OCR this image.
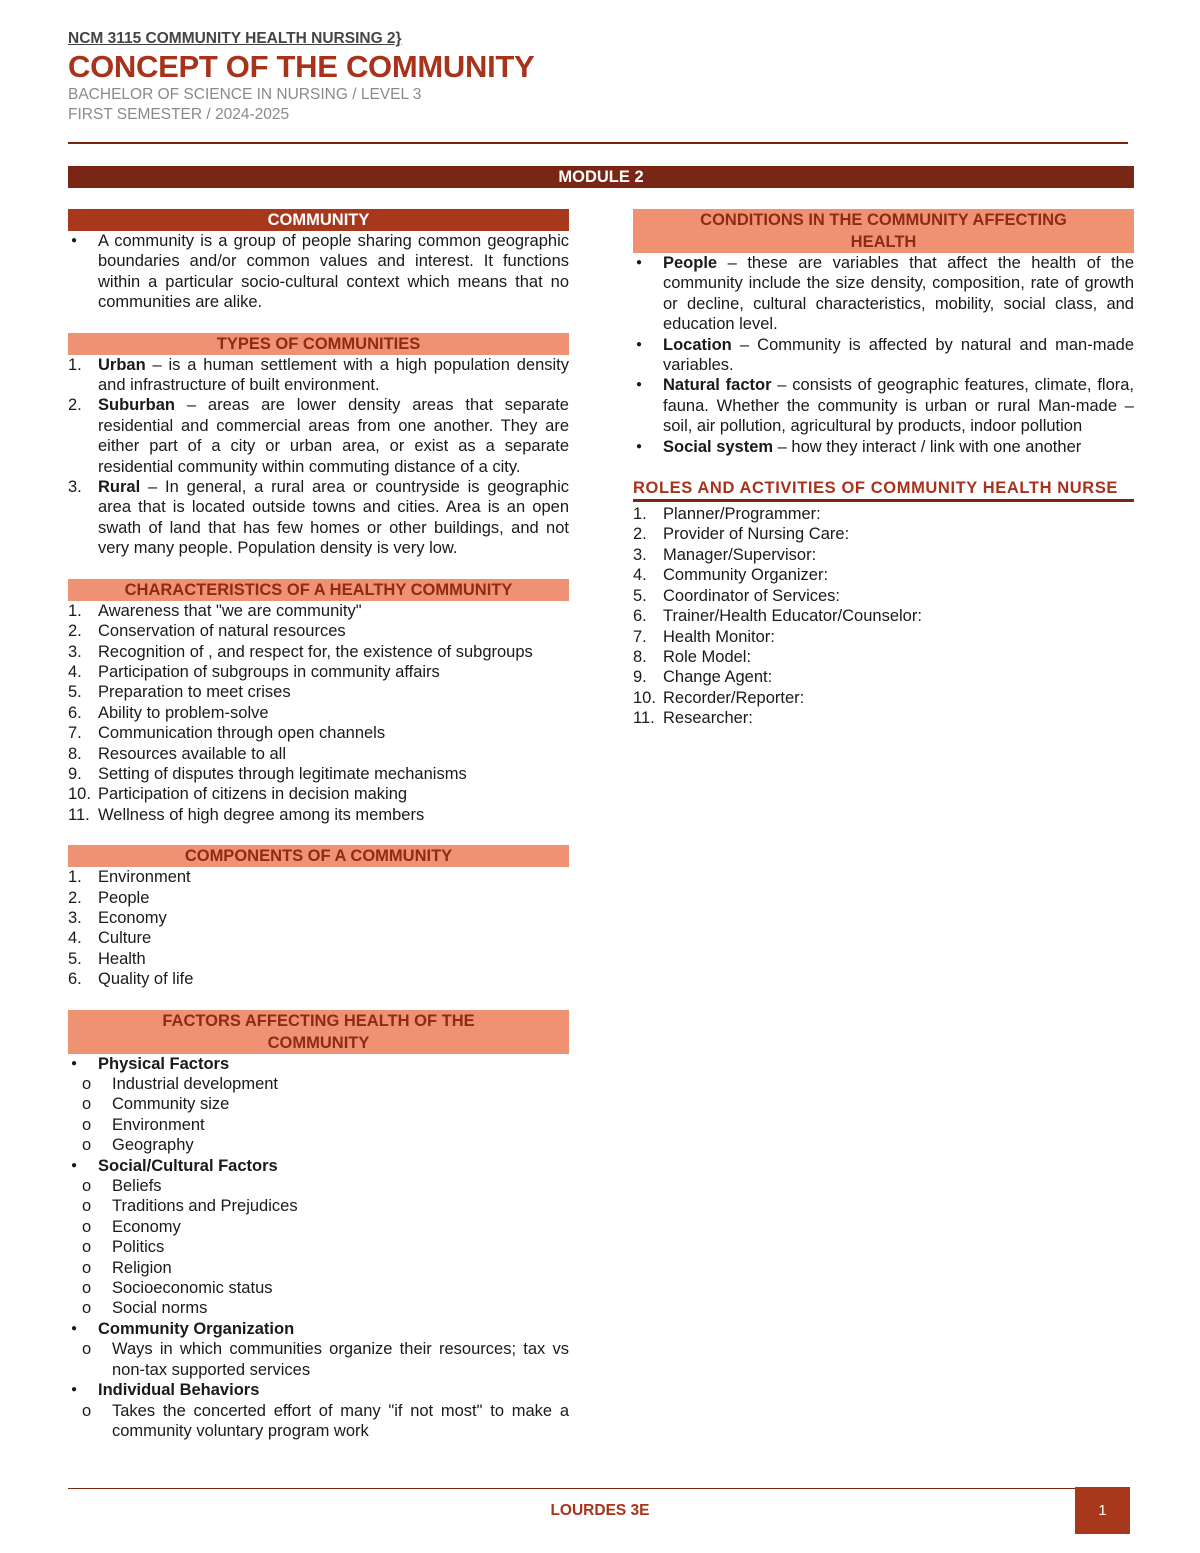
NCM 3115 COMMUNITY HEALTH NURSING 2}
CONCEPT OF THE COMMUNITY
BACHELOR OF SCIENCE IN NURSING / LEVEL 3
FIRST SEMESTER / 2024-2025
MODULE 2
COMMUNITY
● A community is a group of people sharing common geographic boundaries and/or common values and interest. It functions within a particular socio-cultural context which means that no communities are alike.
TYPES OF COMMUNITIES
1. Urban – is a human settlement with a high population density and infrastructure of built environment.
2. Suburban – areas are lower density areas that separate residential and commercial areas from one another. They are either part of a city or urban area, or exist as a separate residential community within commuting distance of a city.
3. Rural – In general, a rural area or countryside is geographic area that is located outside towns and cities. Area is an open swath of land that has few homes or other buildings, and not very many people. Population density is very low.
CHARACTERISTICS OF A HEALTHY COMMUNITY
1. Awareness that "we are community"
2. Conservation of natural resources
3. Recognition of , and respect for, the existence of subgroups
4. Participation of subgroups in community affairs
5. Preparation to meet crises
6. Ability to problem-solve
7. Communication through open channels
8. Resources available to all
9. Setting of disputes through legitimate mechanisms
10. Participation of citizens in decision making
11. Wellness of high degree among its members
COMPONENTS OF A COMMUNITY
1. Environment
2. People
3. Economy
4. Culture
5. Health
6. Quality of life
FACTORS AFFECTING HEALTH OF THE
COMMUNITY
● Physical Factors
o Industrial development
o Community size
o Environment
o Geography
● Social/Cultural Factors
o Beliefs
o Traditions and Prejudices
o Economy
o Politics
o Religion
o Socioeconomic status
o Social norms
● Community Organization
o Ways in which communities organize their resources; tax vs non-tax supported services
● Individual Behaviors
o Takes the concerted effort of many "if not most" to make a community voluntary program work
CONDITIONS IN THE COMMUNITY AFFECTING
HEALTH
● People – these are variables that affect the health of the community include the size density, composition, rate of growth or decline, cultural characteristics, mobility, social class, and education level.
● Location – Community is affected by natural and man-made variables.
● Natural factor – consists of geographic features, climate, flora, fauna. Whether the community is urban or rural Man-made – soil, air pollution, agricultural by products, indoor pollution
● Social system – how they interact / link with one another
ROLES AND ACTIVITIES OF COMMUNITY HEALTH NURSE
1. Planner/Programmer:
2. Provider of Nursing Care:
3. Manager/Supervisor:
4. Community Organizer:
5. Coordinator of Services:
6. Trainer/Health Educator/Counselor:
7. Health Monitor:
8. Role Model:
9. Change Agent:
10. Recorder/Reporter:
11. Researcher:
LOURDES 3E	1
